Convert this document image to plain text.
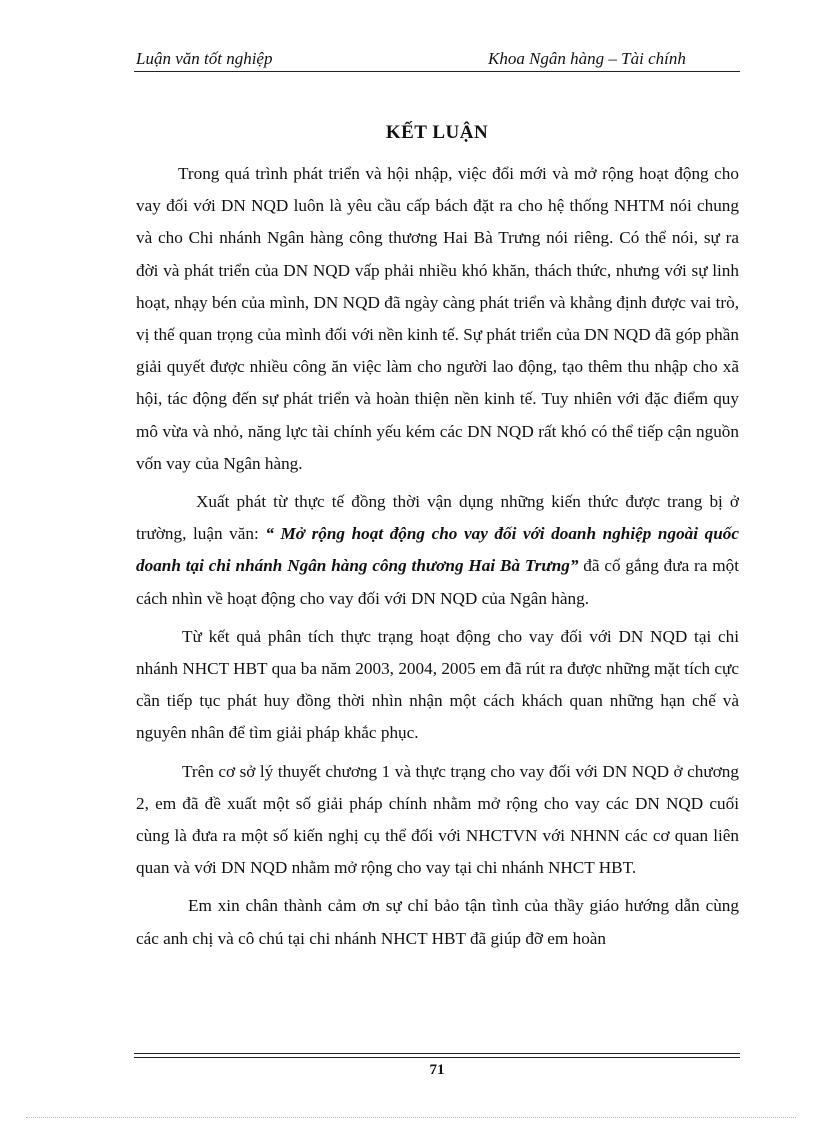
Luận văn tốt nghiệp	Khoa Ngân hàng – Tài chính
KẾT LUẬN

Trong quá trình phát triển và hội nhập, việc đổi mới và mở rộng hoạt động cho vay đối với DN NQD luôn là yêu cầu cấp bách đặt ra cho hệ thống NHTM nói chung và cho Chi nhánh Ngân hàng công thương Hai Bà Trưng nói riêng. Có thể nói, sự ra đời và phát triển của DN NQD vấp phải nhiều khó khăn, thách thức, nhưng với sự linh hoạt, nhạy bén của mình, DN NQD đã ngày càng phát triển và khẳng định được vai trò, vị thế quan trọng của mình đối với nền kinh tế. Sự phát triển của DN NQD đã góp phần giải quyết được nhiều công ăn việc làm cho người lao động, tạo thêm thu nhập cho xã hội, tác động đến sự phát triển và hoàn thiện nền kinh tế. Tuy nhiên với đặc điểm quy mô vừa và nhỏ, năng lực tài chính yếu kém các DN NQD rất khó có thể tiếp cận nguồn vốn vay của Ngân hàng.

Xuất phát từ thực tế đồng thời vận dụng những kiến thức được trang bị ở trường, luận văn: “ Mở rộng hoạt động cho vay đối với doanh nghiệp ngoài quốc doanh tại chi nhánh Ngân hàng công thương Hai Bà Trưng” đã cố gắng đưa ra một cách nhìn về hoạt động cho vay đối với DN NQD của Ngân hàng.

Từ kết quả phân tích thực trạng hoạt động cho vay đối với DN NQD tại chi nhánh NHCT HBT qua ba năm 2003, 2004, 2005 em đã rút ra được những mặt tích cực cần tiếp tục phát huy đồng thời nhìn nhận một cách khách quan những hạn chế và nguyên nhân để tìm giải pháp khắc phục.

Trên cơ sở lý thuyết chương 1 và thực trạng cho vay đối với DN NQD ở chương 2, em đã đề xuất một số giải pháp chính nhằm mở rộng cho vay các DN NQD cuối cùng là đưa ra một số kiến nghị cụ thể đối với NHCTVN với NHNN các cơ quan liên quan và với DN NQD nhằm mở rộng cho vay tại chi nhánh NHCT HBT.

Em xin chân thành cảm ơn sự chỉ bảo tận tình của thầy giáo hướng dẫn cùng các anh chị và cô chú tại chi nhánh NHCT HBT đã giúp đỡ em hoàn

71
